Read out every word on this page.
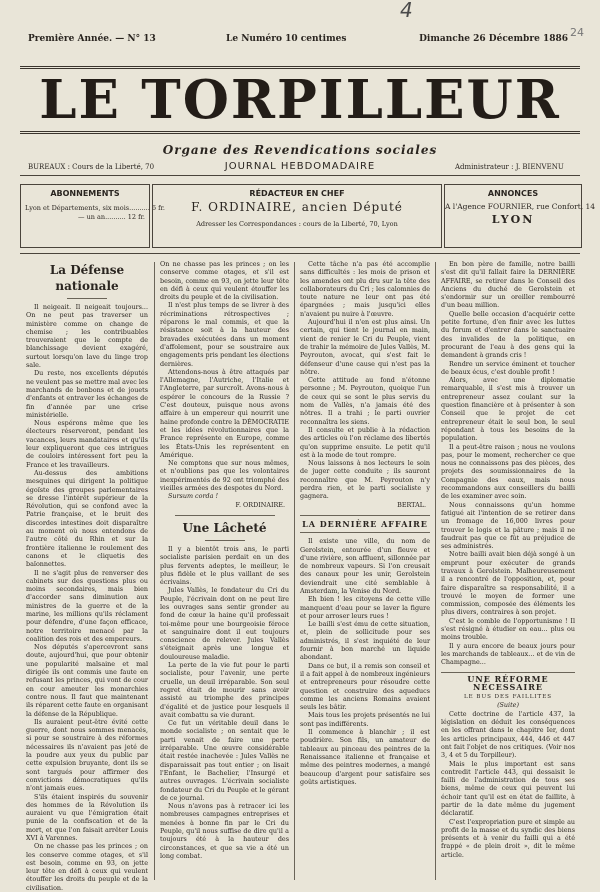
4
24
Première Année. — N° 13	Le Numéro 10 centimes	Dimanche 26 Décembre 1886
LE TORPILLEUR
Organe des Revendications sociales
BUREAUX : Cours de la Liberté, 70	JOURNAL HEBDOMADAIRE	Administrateur : J. BIENVENU
ABONNEMENTS
Lyon et Départements, six mois.......... 6 fr.
— un an.......... 12 fr.
RÉDACTEUR EN CHEF
F. ORDINAIRE, ancien Député
Adresser les Correspondances : cours de la Liberté, 70, Lyon
ANNONCES
A l'Agence FOURNIER, rue Confort, 14
LYON
La Défense nationale

Il neigeait. Il neigeait toujours... On ne peut pas traverser un ministère comme on change de chemise ; les contribuables trouveraient que le compte de blanchissage devient exagéré, surtout lorsqu'on lave du linge trop sale.

Du reste, nos excellents députés ne veulent pas se mettre mal avec les marchands de bonbons et de jouets d'enfants et entraver les échanges de fin d'année par une crise ministérielle.

Nous espérons même que les électeurs réserveront, pendant les vacances, leurs mandataires et qu'ils leur expliqueront que ces intrigues de couloirs intéressent fort peu la France et les travailleurs.

Au-dessus des ambitions mesquines qui dirigent la politique égoïste des groupes parlementaires se dresse l'intérêt supérieur de la Révolution, qui se confond avec la Patrie française, et le bruit des discordes intestines doit disparaître au moment où nous entendons de l'autre côté du Rhin et sur la frontière italienne le roulement des canons et le cliquetis des baïonnettes.

Il ne s'agit plus de renverser des cabinets sur des questions plus ou moins secondaires, mais bien d'accorder sans diminution aux ministres de la guerre et de la marine, les millions qu'ils réclament pour défendre, d'une façon efficace, notre territoire menacé par la coalition des rois et des empereurs.

Nos députés s'apercevront sans doute, aujourd'hui, que pour obtenir une popularité malsaine et mal dirigée ils ont commis une faute en refusant les princes, qui vont de cour en cour ameuter les monarchies contre nous. Il faut que maintenant ils réparent cette faute en organisant la défense de la République.

Ils auraient peut-être évité cette guerre, dont nous sommes menacés, si pour se soustraire à des réformes nécessaires ils n'avaient pas jeté de la poudre aux yeux du public par cette expulsion bruyante, dont ils se sont targués pour affirmer des convictions démocratiques qu'ils n'ont jamais eues.

S'ils étaient inspirés du souvenir des hommes de la Révolution ils auraient vu que l'émigration était punie de la confiscation et de la mort, et que l'on faisait arrêter Louis XVI à Varennes.

On ne chasse pas les princes ; on les conserve comme otages, et s'il est besoin, comme en 93, on jette leur tête en défi à ceux qui veulent étouffer les droits du peuple et de la civilisation.

On ne chasse pas les princes ; on les conserve comme otages, et s'il est besoin, comme en 93, on jette leur tête en défi à ceux qui veulent étouffer les droits du peuple et de la civilisation.

Il n'est plus temps de se livrer à des récriminations rétrospectives ; réparons le mal commis, et que la résistance soit à la hauteur des bravades exécutées dans un moment d'affolement, pour se soustraire aux engagements pris pendant les élections dernières.

Attendons-nous à être attaqués par l'Allemagne, l'Autriche, l'Italie et l'Angleterre, par surcroît. Avons-nous à espérer le concours de la Russie ? C'est douteux, puisque nous avons affaire à un empereur qui nourrit une haine profonde contre la DÉMOCRATIE et les idées révolutionnaires que la France représente en Europe, comme les États-Unis les représentent en Amérique.

Ne comptons que sur nous mêmes, et n'oublions pas que les volontaires inexpérimentés de 92 ont triomphé des vieilles armées des despotes du Nord.

Sursum corda !

F. ORDINAIRE.

Une Lâcheté

Il y a bientôt trois ans, le parti socialiste parisien perdait en un des plus fervents adeptes, le meilleur, le plus fidèle et le plus vaillant de ses écrivains.

Jules Vallès, le fondateur du Cri du Peuple, l'écrivain dont on ne peut lire les ouvrages sans sentir gronder au fond de cœur la haine qu'il professait toi-même pour une bourgeoisie féroce et sanguinaire dont il eut toujours conscience de relever. Jules Vallès s'éteignait après une longue et douloureuse maladie.

La perte de la vie fut pour le parti socialiste, pour l'avenir, une perte cruelle, un deuil irréparable. Son seul regret était de mourir sans avoir assisté au triomphe des principes d'égalité et de justice pour lesquels il avait combattu sa vie durant.

Ce fut un véritable deuil dans le monde socialiste ; on sentait que le parti venait de faire une perte irréparable. Une œuvre considérable était restée inachevée : Jules Vallès ne disparaissait pas tout entier ; on lisait l'Enfant, le Bachelier, l'Insurgé et autres ouvrages. L'écrivain socialiste fondateur du Cri du Peuple et le gérant de ce journal.

Nous n'avons pas à retracer ici les nombreuses campagnes entreprises et menées à bonne fin par le Cri du Peuple, qu'il nous suffise de dire qu'il a toujours été à la hauteur des circonstances, et que sa vie a été un long combat.

Cette tâche n'a pas été accomplie sans difficultés : les mois de prison et les amendes ont plu dru sur la tête des collaborateurs du Cri ; les calomnies de toute nature ne leur ont pas été épargnées ; mais jusqu'ici elles n'avaient pu nuire à l'œuvre.

Aujourd'hui il n'en est plus ainsi. Un certain, qui tient le journal en main, vient de renier le Cri du Peuple, vient de trahir la mémoire de Jules Vallès, M. Peyrouton, avocat, qui s'est fait le défenseur d'une cause qui n'est pas la nôtre.

Cette attitude au fond n'étonne personne ; M. Peyrouton, quoique l'un de ceux qui se sont le plus servis du nom de Vallès, n'a jamais été des nôtres. Il a trahi ; le parti ouvrier reconnaîtra les siens.

Il consulte et publie à la rédaction des articles où l'on réclame des libertés qu'on supprime ensuite. Le petit qu'il est à la mode de tout rompre.

Nous laissons à nos lecteurs le soin de juger cette conduite ; ils sauront reconnaître que M. Peyrouton n'y perdra rien, et le parti socialiste y gagnera.

BERTAL.

LA DERNIÈRE AFFAIRE

Il existe une ville, du nom de Gerolstein, entourée d'un fleuve et d'une rivière, son affluent, sillonnée par de nombreux vapeurs. Si l'on creusait des canaux pour les unir, Gerolstein deviendrait une cité semblable à Amsterdam, la Venise du Nord.

Eh bien ! les citoyens de cette ville manquent d'eau pour se laver la figure et pour arroser leurs rues !

Le bailli s'est ému de cette situation, et, plein de sollicitude pour ses administrés, il s'est inquiété de leur fournir à bon marché un liquide abondant.

Dans ce but, il a remis son conseil et il a fait appel à de nombreux ingénieurs et entrepreneurs pour résoudre cette question et construire des aqueducs comme les anciens Romains avaient seuls les bâtir.

Mais tous les projets présentés ne lui sont pas indifférents.

Il commence à blanchir ; il est poudrière. Son fils, un amateur de tableaux au pinceau des peintres de la Renaissance italienne et française et même des peintres modernes, a mangé beaucoup d'argent pour satisfaire ses goûts artistiques.

En bon père de famille, notre bailli s'est dit qu'il fallait faire la DERNIÈRE AFFAIRE, se retirer dans le Conseil des Anciens du duché de Gerolstein et s'endormir sur un oreiller rembourré d'un beau million.

Quelle belle occasion d'acquérir cette petite fortune, d'en finir avec les luttes du forum et d'entrer dans le sanctuaire des invalides de la politique, en procurant de l'eau à des gens qui la demandent à grands cris !

Rendre un service éminent et toucher de beaux écus, c'est double profit !

Alors, avec une diplomatie remarquable, il s'est mis à trouver un entrepreneur assez coulant sur la question financière et à présenter à son Conseil que le projet de cet entrepreneur était le seul bon, le seul répondant à tous les besoins de la population.

Il a peut-être raison ; nous ne voulons pas, pour le moment, rechercher ce que nous ne connaissons pas des pièces, des projets des soumissionnaires de la Compagnie des eaux, mais nous recommandons aux conseillers du bailli de les examiner avec soin.

Nous connaissons qu'un homme fatigué ait l'intention de se retirer dans un fromage de 16,000 livres pour trouver le logis et la pâture ; mais il ne faudrait pas que ce fût au préjudice de ses administrés.

Notre bailli avait bien déjà songé à un emprunt pour exécuter de grands travaux à Gerolstein. Malheureusement il a rencontré de l'opposition, et, pour faire disparaître sa responsabilité, il a trouvé le moyen de former une commission, composée des éléments les plus divers, contraires à son projet.

C'est le comble de l'opportunisme ! Il s'est résigné à étudier en eau... plus ou moins trouble.

Il y aura encore de beaux jours pour les marchands de tableaux... et de vin de Champagne...

UNE RÉFORME NÉCESSAIRE
LE BUS DES FAILLITES
(Suite)

Cette doctrine de l'article 437, la législation en déduit les conséquences en les offrant dans le chapitre Ier, dont les articles principaux, 444, 446 et 447 ont fait l'objet de nos critiques. (Voir nos 3, 4 et 5 du Torpilleur).

Mais le plus important est sans contredit l'article 443, qui dessaisit le failli de l'administration de tous ses biens, même de ceux qui peuvent lui échoir tant qu'il est en état de faillite, à partir de la date même du jugement déclaratif.

C'est l'expropriation pure et simple au profit de la masse et du syndic des biens présents et à venir du failli qui a été frappé « de plein droit », dit le même article.
